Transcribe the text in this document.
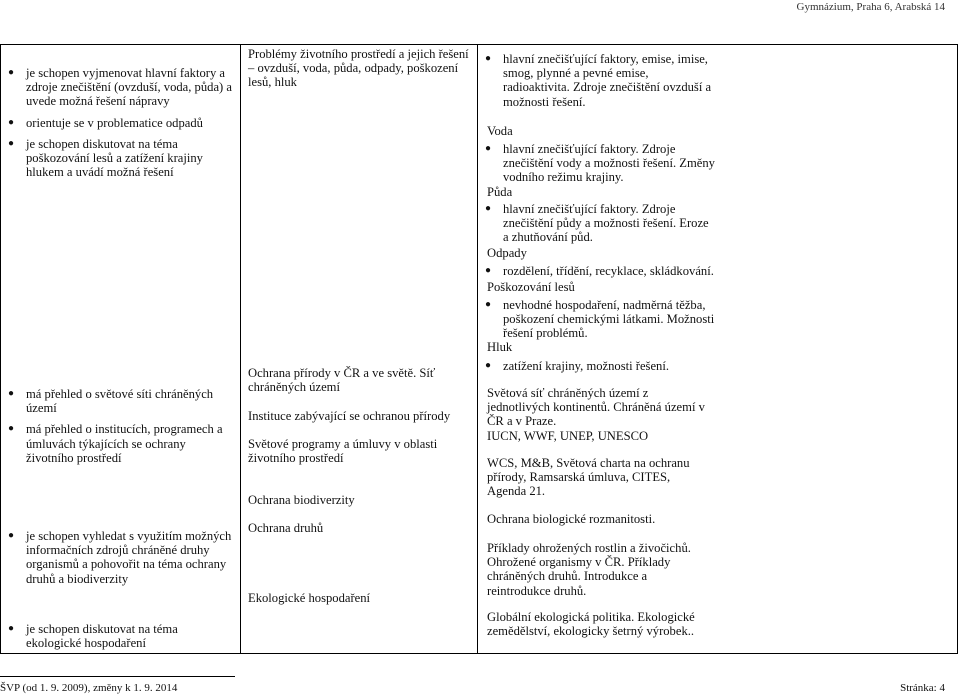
Gymnázium, Praha 6, Arabská 14
● je schopen vyjmenovat hlavní faktory a zdroje znečištění (ovzduší, voda, půda) a uvede možná řešení nápravy
● orientuje se v problematice odpadů
● je schopen diskutovat na téma poškozování lesů a zatížení krajiny hlukem a uvádí možná řešení
● má přehled o světové síti chráněných území
● má přehled o institucích, programech a úmluvách týkajících se ochrany životního prostředí
● je schopen vyhledat s využitím možných informačních zdrojů chráněné druhy organismů a pohovořit na téma ochrany druhů a biodiverzity
● je schopen diskutovat na téma ekologické hospodaření
Problémy životního prostředí a jejich řešení – ovzduší, voda, půda, odpady, poškození lesů, hluk
Ochrana přírody v ČR a ve světě. Síť chráněných území
Instituce zabývající se ochranou přírody
Světové programy a úmluvy v oblasti životního prostředí
Ochrana biodiverzity
Ochrana druhů
Ekologické hospodaření
● hlavní znečišťující faktory, emise, imise, smog, plynné a pevné emise, radioaktivita. Zdroje znečištění ovzduší a možnosti řešení.
Voda
● hlavní znečišťující faktory. Zdroje znečištění vody a možnosti řešení. Změny vodního režimu krajiny.
Půda
● hlavní znečišťující faktory. Zdroje znečištění půdy a možnosti řešení. Eroze a zhutňování půd.
Odpady
● rozdělení, třídění, recyklace, skládkování.
Poškozování lesů
● nevhodné hospodaření, nadměrná těžba, poškození chemickými látkami. Možnosti řešení problémů.
Hluk
● zatížení krajiny, možnosti řešení.
Světová síť chráněných území z jednotlivých kontinentů. Chráněná území v ČR a v Praze.
IUCN, WWF, UNEP, UNESCO
WCS, M&B, Světová charta na ochranu přírody, Ramsarská úmluva, CITES, Agenda 21.
Ochrana biologické rozmanitosti.
Příklady ohrožených rostlin a živočichů. Ohrožené organismy v ČR. Příklady chráněných druhů. Introdukce a reintrodukce druhů.
Globální ekologická politika. Ekologické zemědělství, ekologicky šetrný výrobek..
ŠVP (od 1. 9. 2009), změny k 1. 9. 2014	Stránka: 4
